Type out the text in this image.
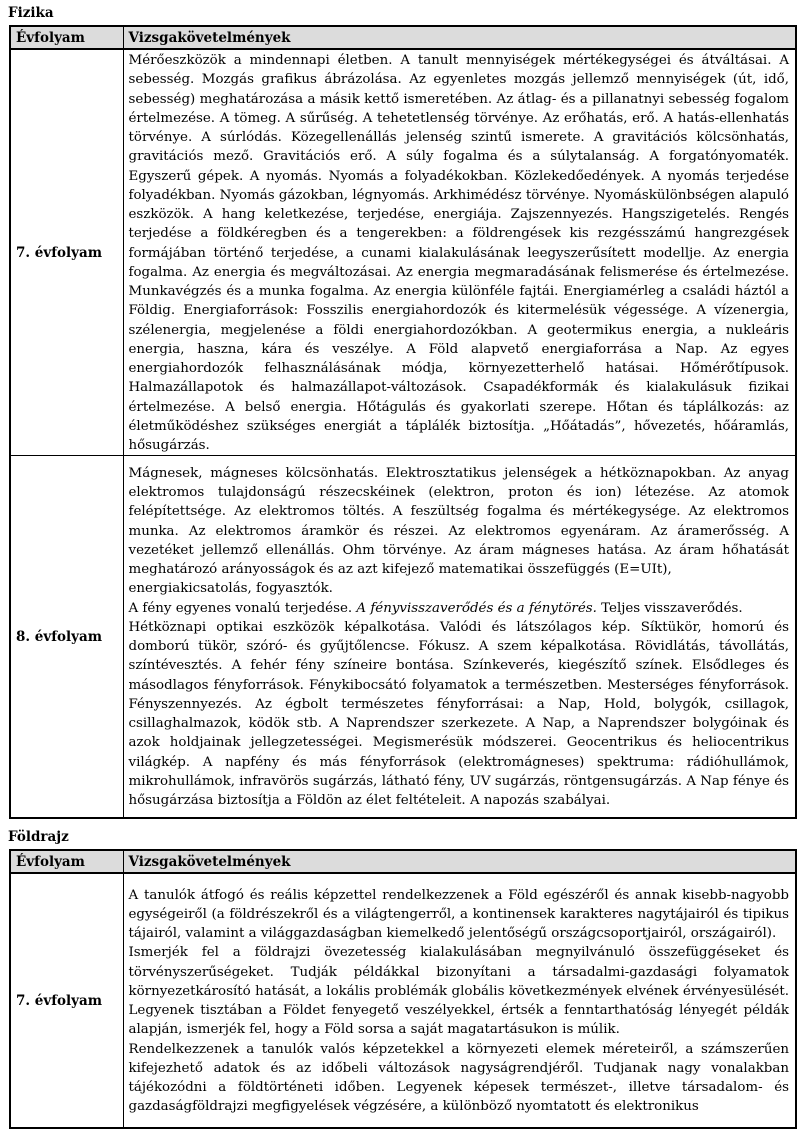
Fizika
Évfolyam	Vizsgakövetelmények
7. évfolyam	Mérőeszközök a mindennapi életben. A tanult mennyiségek mértékegységei és átváltásai. A sebesség. Mozgás grafikus ábrázolása. Az egyenletes mozgás jellemző mennyiségek (út, idő, sebesség) meghatározása a másik kettő ismeretében. Az átlag- és a pillanatnyi sebesség fogalom értelmezése. A tömeg. A sűrűség. A tehetetlenség törvénye. Az erőhatás, erő. A hatás-ellenhatás törvénye. A súrlódás. Közegellenállás jelenség szintű ismerete. A gravitációs kölcsönhatás, gravitációs mező. Gravitációs erő. A súly fogalma és a súlytalanság. A forgatónyomaték. Egyszerű gépek. A nyomás. Nyomás a folyadékokban. Közlekedőedények. A nyomás terjedése folyadékban. Nyomás gázokban, légnyomás. Arkhimédész törvénye. Nyomáskülönbségen alapuló eszközök. A hang keletkezése, terjedése, energiája. Zajszennyezés. Hangszigetelés. Rengés terjedése a földkéregben és a tengerekben: a földrengések kis rezgésszámú hangrezgések formájában történő terjedése, a cunami kialakulásának leegyszerűsített modellje. Az energia fogalma. Az energia és megváltozásai. Az energia megmaradásának felismerése és értelmezése. Munkavégzés és a munka fogalma. Az energia különféle fajtái. Energiamérleg a családi háztól a Földig. Energiaforrások: Fosszilis energiahordozók és kitermelésük végessége. A vízenergia, szélenergia, megjelenése a földi energiahordozókban. A geotermikus energia, a nukleáris energia, haszna, kára és veszélye. A Föld alapvető energiaforrása a Nap. Az egyes energiahordozók felhasználásának módja, környezetterhelő hatásai. Hőmérőtípusok. Halmazállapotok és halmazállapot-változások. Csapadékformák és kialakulásuk fizikai értelmezése. A belső energia. Hőtágulás és gyakorlati szerepe. Hőtan és táplálkozás: az életműködéshez szükséges energiát a táplálék biztosítja. „Hőátadás”, hővezetés, hőáramlás, hősugárzás.

8. évfolyam	Mágnesek, mágneses kölcsönhatás. Elektrosztatikus jelenségek a hétköznapokban. Az anyag elektromos tulajdonságú részecskéinek (elektron, proton és ion) létezése. Az atomok felépítettsége. Az elektromos töltés. A feszültség fogalma és mértékegysége. Az elektromos munka. Az elektromos áramkör és részei. Az elektromos egyenáram. Az áramerősség. A vezetéket jellemző ellenállás. Ohm törvénye. Az áram mágneses hatása. Az áram hőhatását meghatározó arányosságok és az azt kifejező matematikai összefüggés (E=UIt),

energiakicsatolás, fogyasztók.

A fény egyenes vonalú terjedése. A fényvisszaverődés és a fénytörés. Teljes visszaverődés.

Hétköznapi optikai eszközök képalkotása. Valódi és látszólagos kép. Síktükör, homorú és domború tükör, szóró- és gyűjtőlencse. Fókusz. A szem képalkotása. Rövidlátás, távollátás, színtévesztés. A fehér fény színeire bontása. Színkeverés, kiegészítő színek. Elsődleges és másodlagos fényforrások. Fénykibocsátó folyamatok a természetben. Mesterséges fényforrások. Fényszennyezés. Az égbolt természetes fényforrásai: a Nap, Hold, bolygók, csillagok, csillaghalmazok, ködök stb. A Naprendszer szerkezete. A Nap, a Naprendszer bolygóinak és azok holdjainak jellegzetességei. Megismerésük módszerei. Geocentrikus és heliocentrikus világkép. A napfény és más fényforrások (elektromágneses) spektruma: rádióhullámok, mikrohullámok, infravörös sugárzás, látható fény, UV sugárzás, röntgensugárzás. A Nap fénye és hősugárzása biztosítja a Földön az élet feltételeit. A napozás szabályai.

Földrajz
Évfolyam	Vizsgakövetelmények
7. évfolyam	A tanulók átfogó és reális képzettel rendelkezzenek a Föld egészéről és annak kisebb-nagyobb egységeiről (a földrészekről és a világtengerről, a kontinensek karakteres nagytájairól és tipikus tájairól, valamint a világgazdaságban kiemelkedő jelentőségű országcsoportjairól, országairól).

Ismerjék fel a földrajzi övezetesség kialakulásában megnyilvánuló összefüggéseket és törvényszerűségeket. Tudják példákkal bizonyítani a társadalmi-gazdasági folyamatok környezetkárosító hatását, a lokális problémák globális következmények elvének érvényesülését. Legyenek tisztában a Földet fenyegető veszélyekkel, értsék a fenntarthatóság lényegét példák alapján, ismerjék fel, hogy a Föld sorsa a saját magatartásukon is múlik.

Rendelkezzenek a tanulók valós képzetekkel a környezeti elemek méreteiről, a számszerűen kifejezhető adatok és az időbeli változások nagyságrendjéről. Tudjanak nagy vonalakban tájékozódni a földtörténeti időben. Legyenek képesek természet-, illetve társadalom- és gazdaságföldrajzi megfigyelések végzésére, a különböző nyomtatott és elektronikus
